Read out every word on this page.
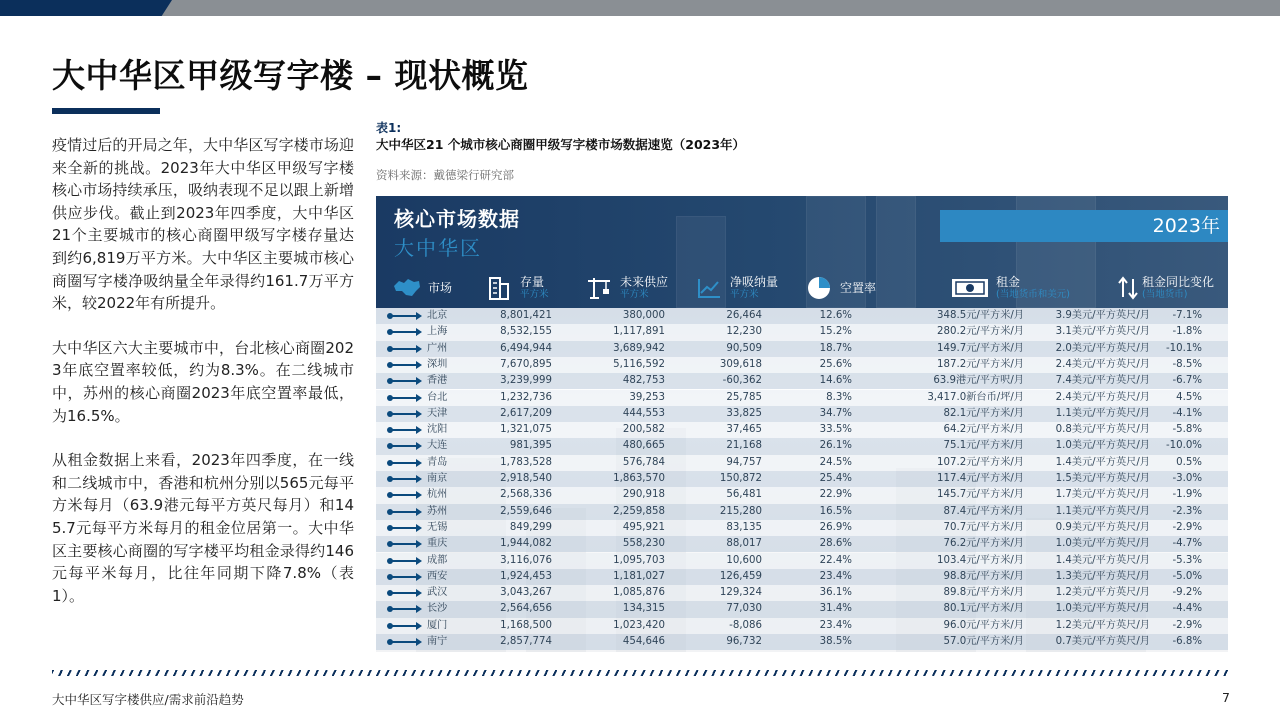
大中华区甲级写字楼 – 现状概览

疫情过后的开局之年，大中华区写字楼市场迎来全新的挑战。2023年大中华区甲级写字楼核心市场持续承压，吸纳表现不足以跟上新增供应步伐。截止到2023年四季度，大中华区21个主要城市的核心商圈甲级写字楼存量达到约6,819万平方米。大中华区主要城市核心商圈写字楼净吸纳量全年录得约161.7万平方米，较2022年有所提升。

大中华区六大主要城市中，台北核心商圈2023年底空置率较低，约为8.3%。在二线城市中，苏州的核心商圈2023年底空置率最低，为16.5%。

从租金数据上来看，2023年四季度，在一线和二线城市中，香港和杭州分别以565元每平方米每月（63.9港元每平方英尺每月）和145.7元每平方米每月的租金位居第一。大中华区主要核心商圈的写字楼平均租金录得约146元每平米每月，比往年同期下降7.8%（表1）。

表1:
大中华区21 个城市核心商圈甲级写字楼市场数据速览（2023年）
资料来源：戴德梁行研究部
核心市场数据
大中华区
2023年
市场	存量
平方米
未来供应
平方米
净吸纳量
平方米	空置率	租金
(当地货币和美元)
租金同比变化
(当地货币)
北京	8,801,421	380,000	26,464	12.6%	348.5元/平方米/月	3.9美元/平方英尺/月	-7.1%
上海	8,532,155	1,117,891	12,230	15.2%	280.2元/平方米/月	3.1美元/平方英尺/月	-1.8%
广州	6,494,944	3,689,942	90,509	18.7%	149.7元/平方米/月	2.0美元/平方英尺/月	-10.1%
深圳	7,670,895	5,116,592	309,618	25.6%	187.2元/平方米/月	2.4美元/平方英尺/月	-8.5%
香港	3,239,999	482,753	-60,362	14.6%	63.9港元/平方呎/月	7.4美元/平方英尺/月	-6.7%
台北	1,232,736	39,253	25,785	8.3%	3,417.0新台币/坪/月	2.4美元/平方英尺/月	4.5%
天津	2,617,209	444,553	33,825	34.7%	82.1元/平方米/月	1.1美元/平方英尺/月	-4.1%
沈阳	1,321,075	200,582	37,465	33.5%	64.2元/平方米/月	0.8美元/平方英尺/月	-5.8%
大连	981,395	480,665	21,168	26.1%	75.1元/平方米/月	1.0美元/平方英尺/月	-10.0%
青岛	1,783,528	576,784	94,757	24.5%	107.2元/平方米/月	1.4美元/平方英尺/月	0.5%
南京	2,918,540	1,863,570	150,872	25.4%	117.4元/平方米/月	1.5美元/平方英尺/月	-3.0%
杭州	2,568,336	290,918	56,481	22.9%	145.7元/平方米/月	1.7美元/平方英尺/月	-1.9%
苏州	2,559,646	2,259,858	215,280	16.5%	87.4元/平方米/月	1.1美元/平方英尺/月	-2.3%
无锡	849,299	495,921	83,135	26.9%	70.7元/平方米/月	0.9美元/平方英尺/月	-2.9%
重庆	1,944,082	558,230	88,017	28.6%	76.2元/平方米/月	1.0美元/平方英尺/月	-4.7%
成都	3,116,076	1,095,703	10,600	22.4%	103.4元/平方米/月	1.4美元/平方英尺/月	-5.3%
西安	1,924,453	1,181,027	126,459	23.4%	98.8元/平方米/月	1.3美元/平方英尺/月	-5.0%
武汉	3,043,267	1,085,876	129,324	36.1%	89.8元/平方米/月	1.2美元/平方英尺/月	-9.2%
长沙	2,564,656	134,315	77,030	31.4%	80.1元/平方米/月	1.0美元/平方英尺/月	-4.4%
厦门	1,168,500	1,023,420	-8,086	23.4%	96.0元/平方米/月	1.2美元/平方英尺/月	-2.9%
南宁	2,857,774	454,646	96,732	38.5%	57.0元/平方米/月	0.7美元/平方英尺/月	-6.8%
大中华区写字楼供应/需求前沿趋势	7
